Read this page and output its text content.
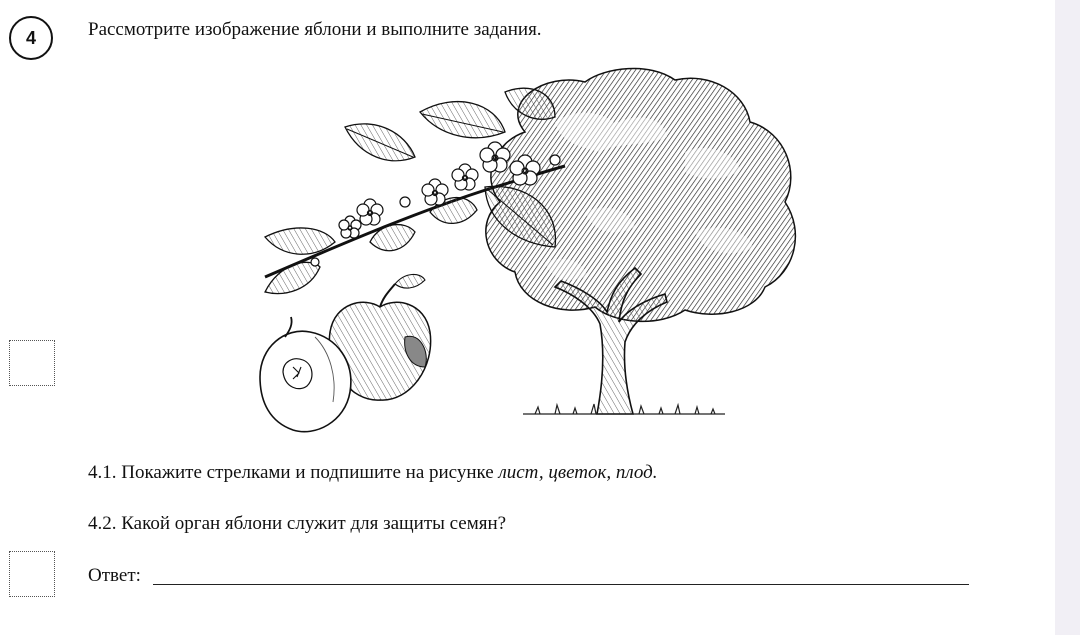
4	Рассмотрите изображение яблони и выполните задания.
4.1. Покажите стрелками и подпишите на рисунке лист, цветок, плод.
4.2. Какой орган яблони служит для защиты семян?
Ответ:
